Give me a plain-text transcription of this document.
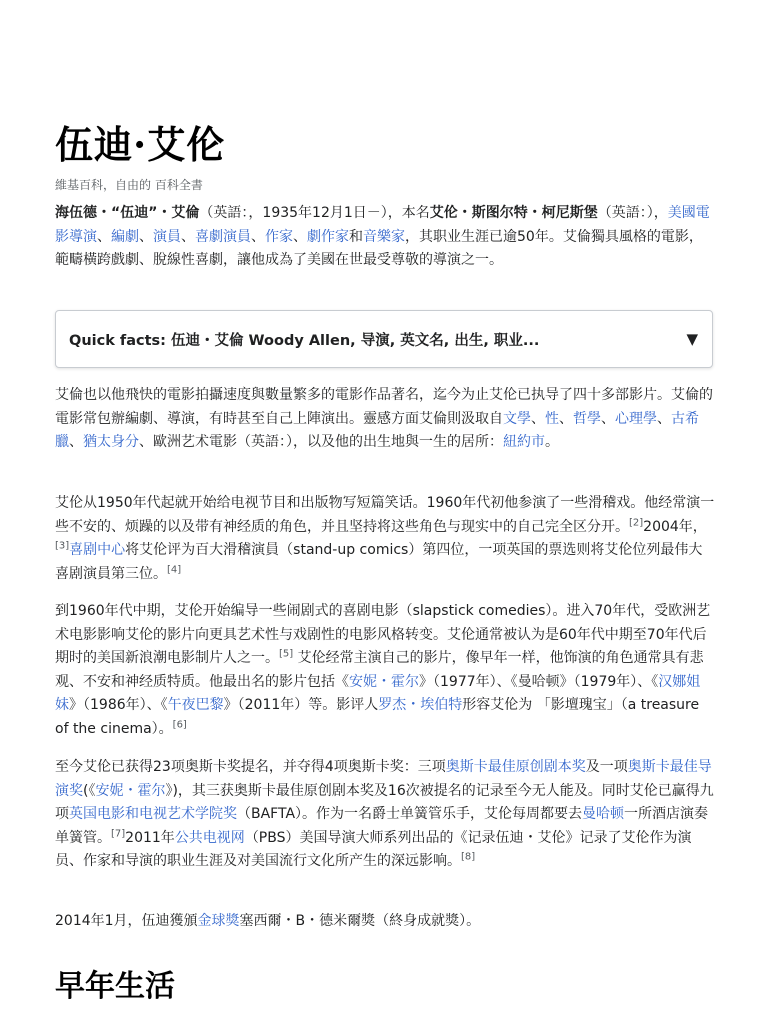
伍迪·艾伦
維基百科，自由的 百科全書

海伍德・“伍迪”・艾倫（英語：，1935年12月1日－），本名艾伦・斯图尔特・柯尼斯堡（英語：），美國電影導演、編劇、演員、喜劇演員、作家、劇作家和音樂家，其职业生涯已逾50年。艾倫獨具風格的電影，範疇橫跨戲劇、脫線性喜劇，讓他成為了美國在世最受尊敬的導演之一。

Quick facts: 伍迪・艾倫 Woody Allen, 导演, 英文名, 出生, 职业...	▼

艾倫也以他飛快的電影拍攝速度與數量繁多的電影作品著名，迄今为止艾伦已执导了四十多部影片。艾倫的電影常包辦編劇、導演，有時甚至自己上陣演出。靈感方面艾倫則汲取自文學、性、哲學、心理學、古希臘、猶太身分、歐洲艺术電影（英語：），以及他的出生地與一生的居所：紐約市。

艾伦从1950年代起就开始给电视节目和出版物写短篇笑话。1960年代初他参演了一些滑稽戏。他经常演一些不安的、烦躁的以及带有神经质的角色，并且坚持将这些角色与现实中的自己完全区分开。[2]2004年，[3]喜剧中心将艾伦评为百大滑稽演員（stand-up comics）第四位，一项英国的票选则将艾伦位列最伟大喜剧演員第三位。[4]

到1960年代中期，艾伦开始编导一些闹剧式的喜剧电影（slapstick comedies）。进入70年代，受欧洲艺术电影影响艾伦的影片向更具艺术性与戏剧性的电影风格转变。艾伦通常被认为是60年代中期至70年代后期时的美国新浪潮电影制片人之一。[5] 艾伦经常主演自己的影片，像早年一样，他饰演的角色通常具有悲观、不安和神经质特质。他最出名的影片包括《安妮・霍尔》（1977年）、《曼哈顿》（1979年）、《汉娜姐妹》（1986年）、《午夜巴黎》（2011年）等。影评人罗杰・埃伯特形容艾伦为 「影壇瑰宝」（a treasure of the cinema）。[6]

至今艾伦已获得23项奥斯卡奖提名，并夺得4项奥斯卡奖：三项奥斯卡最佳原创剧本奖及一项奥斯卡最佳导演奖(《安妮・霍尔》)，其三获奥斯卡最佳原创剧本奖及16次被提名的记录至今无人能及。同时艾伦已赢得九项英国电影和电视艺术学院奖（BAFTA）。作为一名爵士单簧管乐手，艾伦每周都要去曼哈顿一所酒店演奏单簧管。[7]2011年公共电视网（PBS）美国导演大师系列出品的《记录伍迪・艾伦》记录了艾伦作为演员、作家和导演的职业生涯及对美国流行文化所产生的深远影响。[8]

2014年1月，伍迪獲頒金球獎塞西爾・B・德米爾獎（終身成就獎）。

早年生活
